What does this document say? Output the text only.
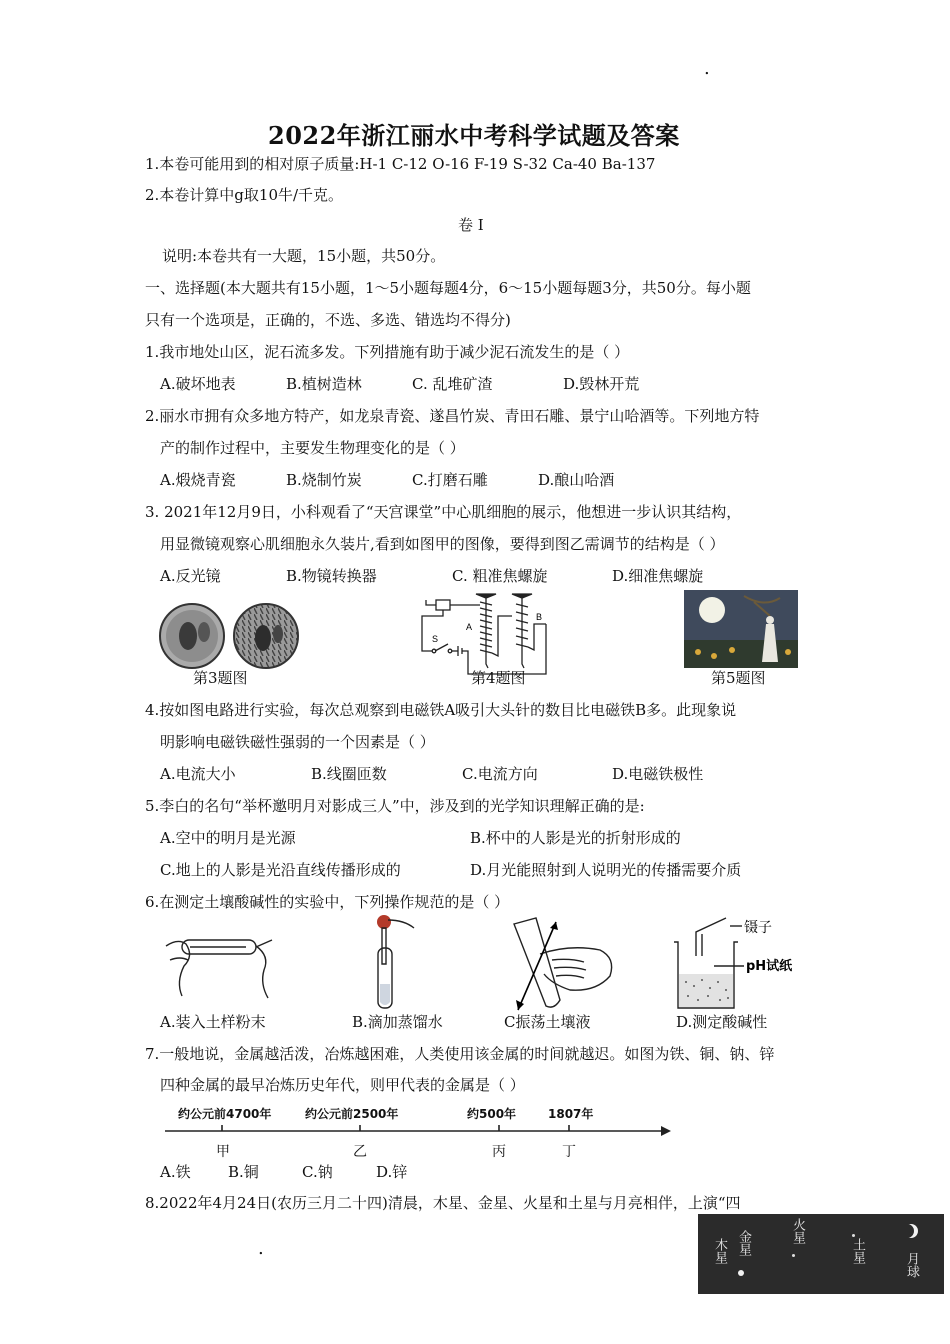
.
2022年浙江丽水中考科学试题及答案
1.本卷可能用到的相对原子质量:H-1 C-12 O-16 F-19 S-32 Ca-40 Ba-137
2.本卷计算中g取10牛/千克。
卷 I
说明:本卷共有一大题，15小题，共50分。
一、选择题(本大题共有15小题，1～5小题每题4分，6～15小题每题3分，共50分。每小题
只有一个选项是，正确的，不选、多选、错选均不得分)
1.我市地处山区，泥石流多发。下列措施有助于减少泥石流发生的是（ ）
A.破坏地表	B.植树造林	C. 乱堆矿渣	D.毁林开荒
2.丽水市拥有众多地方特产，如龙泉青瓷、遂昌竹炭、青田石雕、景宁山哈酒等。下列地方特
产的制作过程中，主要发生物理变化的是（ ）
A.煅烧青瓷	B.烧制竹炭	C.打磨石雕	D.酿山哈酒
3. 2021年12月9日，小科观看了“天宫课堂”中心肌细胞的展示，他想进一步认识其结构，
用显微镜观察心肌细胞永久装片,看到如图甲的图像，要得到图乙需调节的结构是（ ）
A.反光镜	B.物镜转换器	C. 粗准焦螺旋	D.细准焦螺旋
第3题图
A
B
S
第4题图	第5题图
4.按如图电路进行实验，每次总观察到电磁铁A吸引大头针的数目比电磁铁B多。此现象说
明影响电磁铁磁性强弱的一个因素是（ ）
A.电流大小	B.线圈匝数	C.电流方向	D.电磁铁极性
5.李白的名句“举杯邀明月对影成三人”中，涉及到的光学知识理解正确的是:
A.空中的明月是光源	B.杯中的人影是光的折射形成的
C.地上的人影是光沿直线传播形成的	D.月光能照射到人说明光的传播需要介质
6.在测定土壤酸碱性的实验中，下列操作规范的是（ ）
镊子
pH试纸
A.装入土样粉末	B.滴加蒸馏水	C振荡土壤液	D.测定酸碱性
7.一般地说，金属越活泼，冶炼越困难，人类使用该金属的时间就越迟。如图为铁、铜、钠、锌
四种金属的最早冶炼历史年代，则甲代表的金属是（ ）
约公元前4700年	约公元前2500年	约500年	1807年
甲	乙	丙	丁
A.铁 B.铜	C.钠	D.锌
8.2022年4月24日(农历三月二十四)清晨，木星、金星、火星和土星与月亮相伴，上演“四
木星 金星	火星
土星
月球
.
